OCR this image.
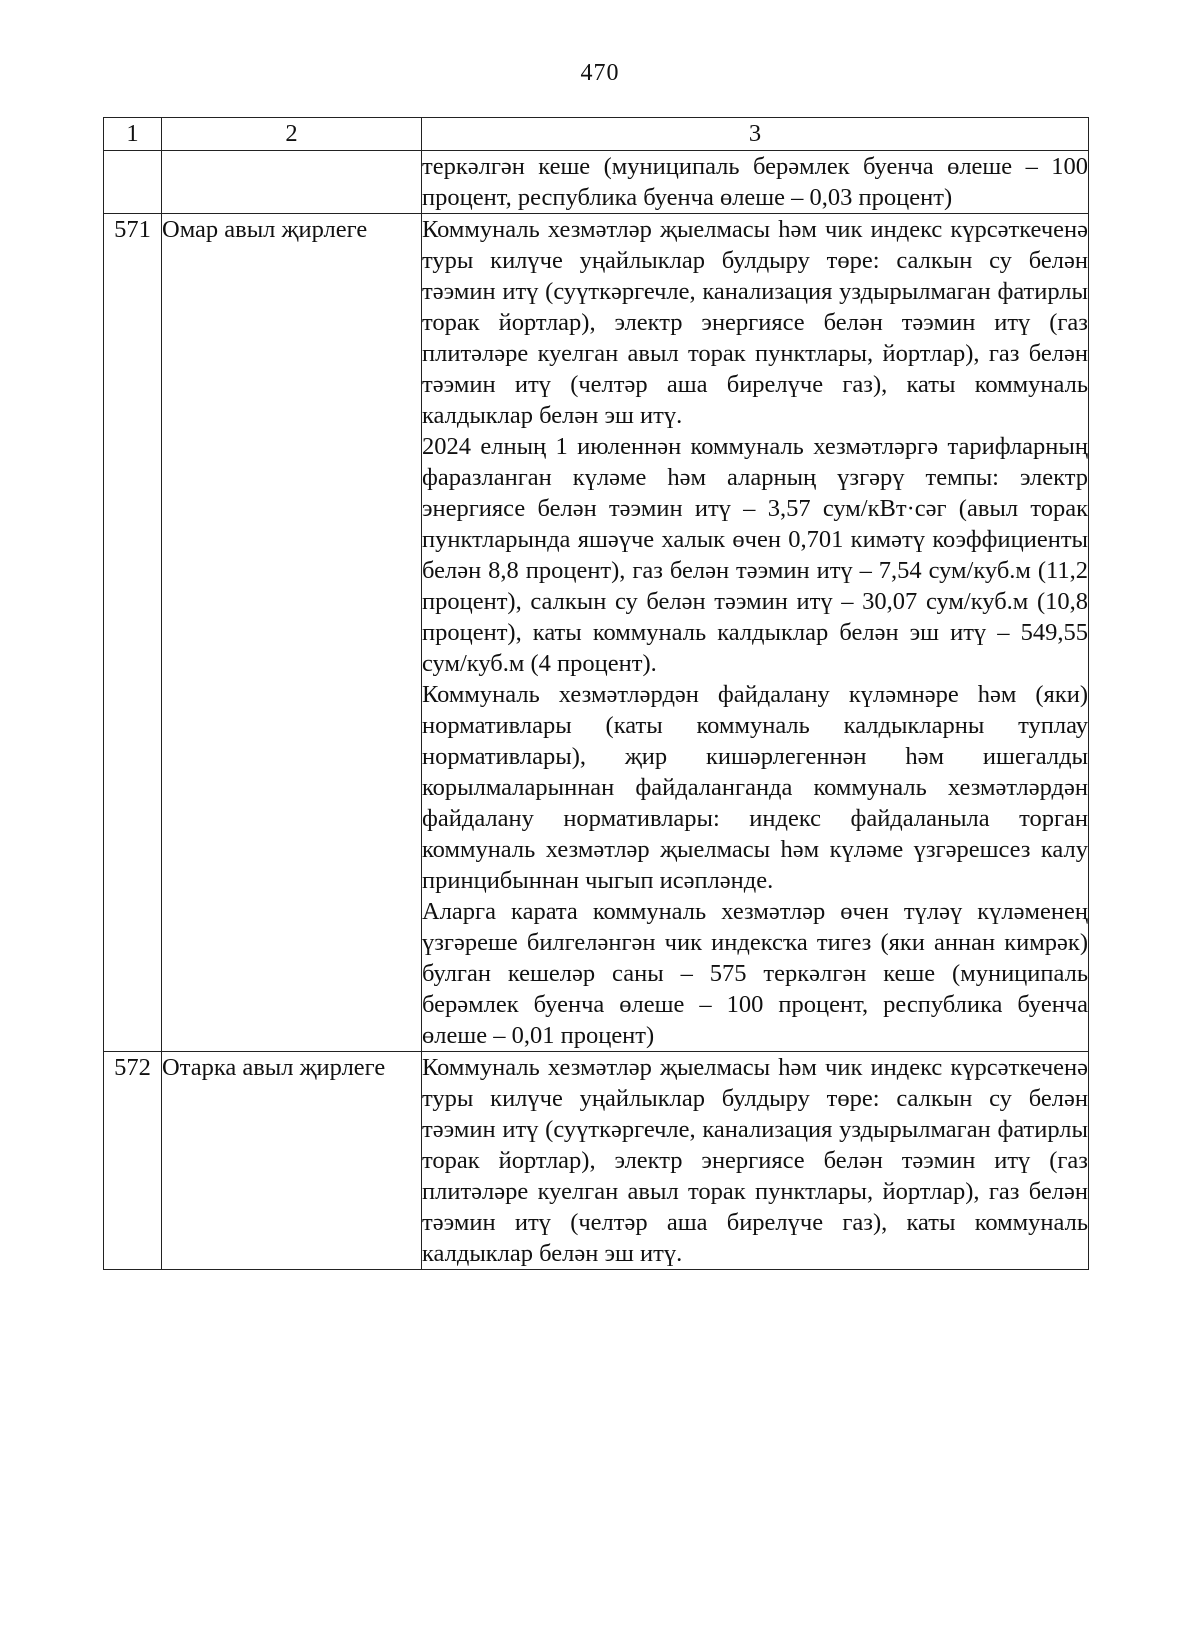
470
1	2	3

		теркәлгән кеше (муниципаль берәмлек буенча өлеше – 100 процент, республика буенча өлеше – 0,03 процент)

571	Омар авыл җирлеге	Коммуналь хезмәтләр җыелмасы һәм чик индекс күрсәткеченә туры килүче уңайлыклар булдыру төре: салкын су белән тәэмин итү (суүткәргечле, канализация уздырылмаган фатирлы торак йортлар), электр энергиясе белән тәэмин итү (газ плитәләре куелган авыл торак пунктлары, йортлар), газ белән тәэмин итү (челтәр аша бирелүче газ), каты коммуналь калдыклар белән эш итү.

2024 елның 1 июленнән коммуналь хезмәтләргә тарифларның фаразланган күләме һәм аларның үзгәрү темпы: электр энергиясе белән тәэмин итү – 3,57 сум/кВт·сәг (авыл торак пунктларында яшәүче халык өчен 0,701 кимәтү коэффициенты белән 8,8 процент), газ белән тәэмин итү – 7,54 сум/куб.м (11,2 процент), салкын су белән тәэмин итү – 30,07 сум/куб.м (10,8 процент), каты коммуналь калдыклар белән эш итү – 549,55 сум/куб.м (4 процент).

Коммуналь хезмәтләрдән файдалану күләмнәре һәм (яки) нормативлары (каты коммуналь калдыкларны туплау нормативлары), җир кишәрлегеннән һәм ишегалды корылмаларыннан файдаланганда коммуналь хезмәтләрдән файдалану нормативлары: индекс файдаланыла торган коммуналь хезмәтләр җыелмасы һәм күләме үзгәрешсез калу принцибыннан чыгып исәпләнде.

Аларга карата коммуналь хезмәтләр өчен түләү күләменең үзгәреше билгеләнгән чик индексҡа тигез (яки аннан кимрәк) булган кешеләр саны – 575 теркәлгән кеше (муниципаль берәмлек буенча өлеше – 100 процент, республика буенча өлеше – 0,01 процент)

572	Отарка авыл җирлеге	Коммуналь хезмәтләр җыелмасы һәм чик индекс күрсәткеченә туры килүче уңайлыклар булдыру төре: салкын су белән тәэмин итү (суүткәргечле, канализация уздырылмаган фатирлы торак йортлар), электр энергиясе белән тәэмин итү (газ плитәләре куелган авыл торак пунктлары, йортлар), газ белән тәэмин итү (челтәр аша бирелүче газ), каты коммуналь калдыклар белән эш итү.
